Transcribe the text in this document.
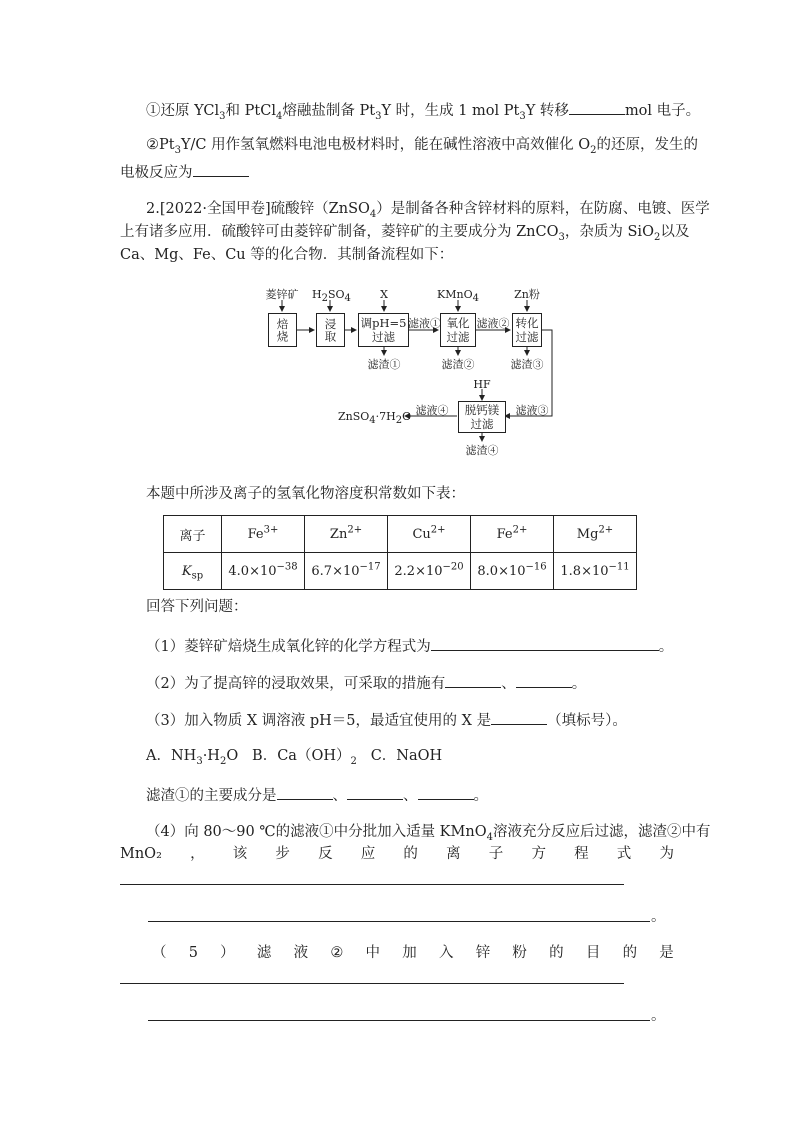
①还原 YCl$_3$和 PtCl$_4$熔融盐制备 $Pt_3Y$ 时，生成 1 mol $Pt_3Y$ 转移	mol 电子。
$②Pt_3Y/C$ 用作氢氧燃料电池电极材料时，能在碱性溶液中高效催化 $O_2$的还原，发生的
电极反应为
2.[2022·全国甲卷]硫酸锌（ZnSO$_4$）是制备各种含锌材料的原料，在防腐、电镀、医学
上有诸多应用．硫酸锌可由菱锌矿制备，菱锌矿的主要成分为 ZnCO$_3$，杂质为 SiO$_2$以及
Ca、Mg、Fe、Cu 等的化合物．其制备流程如下：
菱锌矿	$H_2SO_4$	X	KMnO$_4$	Zn粉
焙烧	浸取 调pH=5
过滤
氧化
过滤
转化
过滤
滤液①	滤液②
滤渣①	滤渣②	滤渣③
HF
脱钙镁
过滤
滤液③
滤液④
$ZnSO_4\cdot 7H_2O$
滤渣④
本题中所涉及离子的氢氧化物溶度积常数如下表：
离子	$Fe^{3+}$	$Zn^{2+}$	$Cu^{2+}$	$Fe^{2+}$	$Mg^{2+}$
$K_{sp}$	$4.0\times 10^{-38}$	$6.7\times 10^{-17}$	$2.2\times 10^{-20}$	$8.0\times 10^{-16}$	$1.8\times 10^{-11}$
回答下列问题：
（1）菱锌矿焙烧生成氧化锌的化学方程式为	。
（2）为了提高锌的浸取效果，可采取的措施有	、	。
（3）加入物质 X 调溶液 pH＝5，最适宜使用的 X 是	（填标号）。
A．$NH_3\cdot H_2O$ B．$Ca(OH)_2$ C．NaOH
滤渣①的主要成分是	、	、	。
（4）向 80～90 ℃的滤液①中分批加入适量 KMnO$_4$溶液充分反应后过滤，滤渣②中有
MnO₂ ， 该 步 反 应 的 离 子 方 程 式 为
。
（ 5 ） 滤 液 ② 中 加 入 锌 粉 的 目 的 是
。
